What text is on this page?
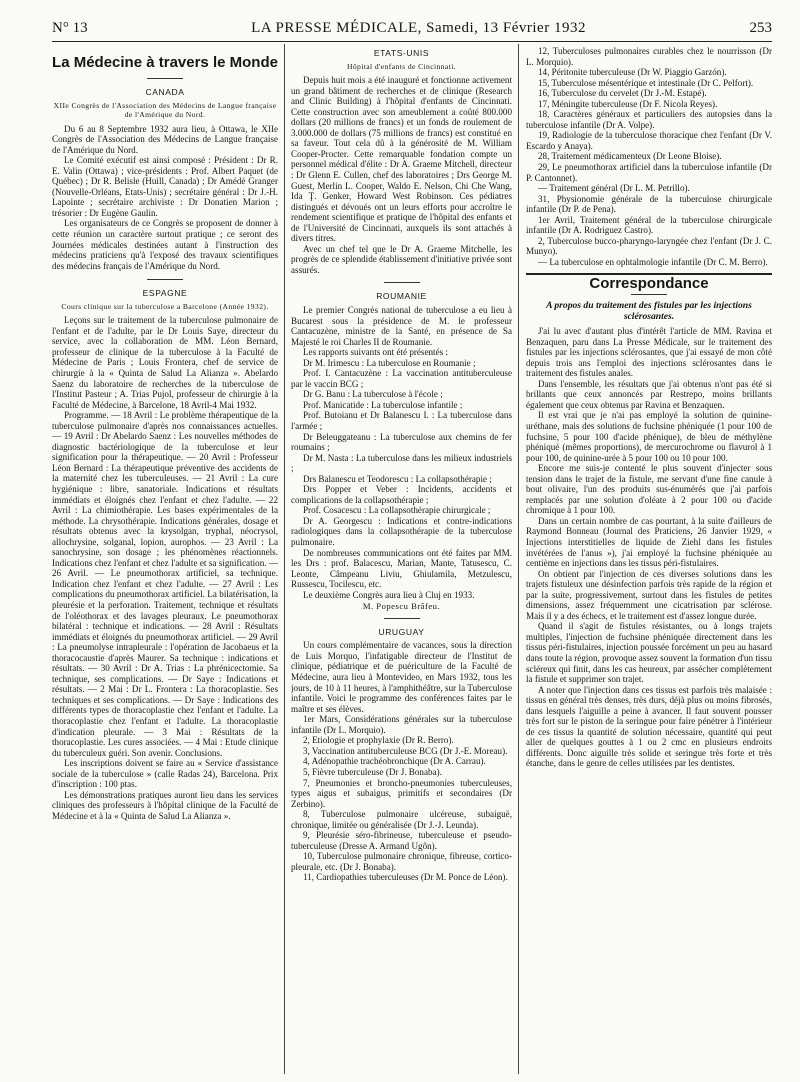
N° 13	LA PRESSE MÉDICALE, Samedi, 13 Février 1932	253
La Médecine à travers le Monde
CANADA
XIIe Congrès de l'Association des Médecins de Langue française de l'Amérique du Nord.

Du 6 au 8 Septembre 1932 aura lieu, à Ottawa, le XIIe Congrès de l'Association des Médecins de Langue française de l'Amérique du Nord.

Le Comité exécutif est ainsi composé : Président : Dr R. E. Valin (Ottawa) ; vice-présidents : Prof. Albert Paquet (de Québec) ; Dr R. Belisle (Huill, Canada) ; Dr Amédé Granger (Nouvelle-Orléans, Etats-Unis) ; secrétaire général : Dr J.-H. Lapointe ; secrétaire archiviste : Dr Donatien Marion ; trésorier : Dr Eugène Gaulin.

Les organisateurs de ce Congrès se proposent de donner à cette réunion un caractère surtout pratique ; ce seront des Journées médicales destinées autant à l'instruction des médecins praticiens qu'à l'exposé des travaux scientifiques des médecins français de l'Amérique du Nord.

ESPAGNE
Cours clinique sur la tuberculose a Barcelone (Année 1932).

Leçons sur le traitement de la tuberculose pulmonaire de l'enfant et de l'adulte, par le Dr Louis Saye, directeur du service, avec la collaboration de MM. Léon Bernard, professeur de clinique de la tuberculose à la Faculté de Médecine de Paris ; Louis Frontera, chef de service de chirurgie à la « Quinta de Salud La Alianza ». Abelardo Saenz du laboratoire de recherches de la tuberculose de l'Institut Pasteur ; A. Trias Pujol, professeur de chirurgie à la Faculté de Médecine, à Barcelone, 18 Avril-4 Mai 1932.

Programme. — 18 Avril : Le problème thérapeutique de la tuberculose pulmonaire d'après nos connaissances actuelles. — 19 Avril : Dr Abelardo Saenz : Les nouvelles méthodes de diagnostic bactériologique de la tuberculose et leur signification pour la thérapeutique. — 20 Avril : Professeur Léon Bernard : La thérapeutique préventive des accidents de la maternité chez les tuberculeuses. — 21 Avril : La cure hygiénique : libre, sanatoriale. Indications et résultats immédiats et éloignés chez l'enfant et chez l'adulte. — 22 Avril : La chimiothérapie. Les bases expérimentales de la méthode. La chrysothérapie. Indications générales, dosage et résultats obtenus avec la krysolgan, tryphal, néocrysol, allochrysine, solganal, lopion, aurophos. — 23 Avril : La sanochrysine, son dosage ; les phénomènes réactionnels. Indications chez l'enfant et chez l'adulte et sa signification. — 26 Avril. — Le pneumothorax artificiel, sa technique. Indication chez l'enfant et chez l'adulte. — 27 Avril : Les complications du pneumothorax artificiel. La bilatérisation, la pleurésie et la perforation. Traitement, technique et résultats de l'oléothorax et des lavages pleuraux. Le pneumothorax bilatéral : technique et indications. — 28 Avril : Résultats immédiats et éloignés du pneumothorax artificiel. — 29 Avril : La pneumolyse intrapleurale : l'opération de Jacobaeus et la thoracocaustie d'après Maurer. Sa technique : indications et résultats. — 30 Avril : Dr A. Trias : La phrénicectomie. Sa technique, ses complications. — Dr Saye : Indications et résultats. — 2 Mai : Dr L. Frontera : La thoracoplastie. Ses techniques et ses complications. — Dr Saye : Indications des différents types de thoracoplastie chez l'enfant et l'adulte. La thoracoplastie chez l'enfant et l'adulte. La thoracoplastie d'indication pleurale. — 3 Mai : Résultats de la thoracoplastie. Les cures associées. — 4 Mai : Etude clinique du tuberculeux guéri. Son avenir. Conclusions.

Les inscriptions doivent se faire au « Service d'assistance sociale de la tuberculose » (calle Radas 24), Barcelona. Prix d'inscription : 100 ptas.

Les démonstrations pratiques auront lieu dans les services cliniques des professeurs à l'hôpital clinique de la Faculté de Médecine et à la « Quinta de Salud La Alianza ».

ETATS-UNIS
Hôpital d'enfants de Cincinnati.

Depuis huit mois a été inauguré et fonctionne activement un grand bâtiment de recherches et de clinique (Research and Clinic Building) à l'hôpital d'enfants de Cincinnati. Cette construction avec son ameublement a coûté 800.000 dollars (20 millions de francs) et un fonds de roulement de 3.000.000 de dollars (75 millions de francs) est constitué en sa faveur. Tout cela dû à la générosité de M. William Cooper-Procter. Cette remarquable fondation compte un personnel médical d'élite : Dr A. Graeme Mitchell, directeur : Dr Glenn E. Cullen, chef des laboratoires ; Drs George M. Guest, Merlin L. Cooper, Waldo E. Nelson, Chi Che Wang, Ida Ţ. Genker, Howard West Robinson. Ces pédiatres distingués et dévoués ont un leurs efforts pour accroître le rendement scientifique et pratique de l'hôpital des enfants et de l'Université de Cincinnati, auxquels ils sont attachés à divers titres.

Avec un chef tel que le Dr A. Graeme Mitchelle, les progrès de ce splendide établissement d'initiative privée sont assurés.

ROUMANIE

Le premier Congrès national de tuberculose a eu lieu à Bucarest sous la présidence de M. le professeur Cantacuzène, ministre de la Santé, en présence de Sa Majesté le roi Charles II de Roumanie.

Les rapports suivants ont été présentés :

Dr M. Irimescu : La tuberculose en Roumanie ;

Prof. I. Cantacuzène : La vaccination antituberculeuse par le vaccin BCG ;

Dr G. Banu : La tuberculose à l'école ;

Prof. Manicatide : La tuberculose infantile ;

Prof. Butoianu et Dr Balanescu I. : La tuberculose dans l'armée ;

Dr Beleuggateanu : La tuberculose aux chemins de fer roumains ;

Dr M. Nasta : La tuberculose dans les milieux industriels ;

Drs Balanescu et Teodorescu : La collapsothérapie ;

Drs Popper et Veber : Incidents, accidents et complications de la collapsothérapie ;

Prof. Cosacescu : La collapsothérapie chirurgicale ;

Dr A. Georgescu : Indications et contre-indications radiologiques dans la collapsothérapie de la tuberculose pulmonaire.

De nombreuses communications ont été faites par MM. les Drs : prof. Balacescu, Marian, Mante, Tatusescu, C. Leonte, Câmpeanu Liviu, Ghiulamila, Metzulescu, Russescu, Tocilescu, etc.

Le deuxième Congrès aura lieu à Cluj en 1933.

M. Popescu Brâfeu.
URUGUAY

Un cours complémentaire de vacances, sous la direction de Luis Morquo, l'infatigable directeur de l'Institut de clinique, pédiatrique et de puériculture de la Faculté de Médecine, aura lieu à Montevideo, en Mars 1932, tous les jours, de 10 à 11 heures, à l'amphithéâtre, sur la Tuberculose infantile. Voici le programme des conférences faites par le maître et ses élèves.

1er Mars, Considérations générales sur la tuberculose infantile (Dr L. Morquio).

2, Etiologie et prophylaxie (Dr R. Berro).

3, Vaccination antituberculeuse BCG (Dr J.-E. Moreau).

4, Adénopathie trachéobronchique (Dr A. Carrau).

5, Fièvre tuberculeuse (Dr J. Bonaba).

7, Pneumonies et broncho-pneumonies tuberculeuses, types aigus et subaigus, primitifs et secondaires (Dr Zerbino).

8, Tuberculose pulmonaire ulcéreuse, subaiguë, chronique, limitée ou généralisée (Dr J.-J. Leunda).

9, Pleurésie séro-fibrineuse, tuberculeuse et pseudo-tuberculeuse (Dresse A. Armand Ugôn).

10, Tuberculose pulmonaire chronique, fibreuse, cortico-pleurale, etc. (Dr J. Bonaba).

11, Cardiopathies tuberculeuses (Dr M. Ponce de Léon).

12, Tuberculoses pulmonaires curables chez le nourrisson (Dr L. Morquio).

14, Péritonite tuberculeuse (Dr W. Piaggio Garzón).

15, Tuberculose mésentérique et intestinale (Dr C. Pelfort).

16, Tuberculose du cervelet (Dr J.-M. Estapé).

17, Méningite tuberculeuse (Dr F. Nicola Reyes).

18, Caractères généraux et particuliers des autopsies dans la tuberculose infantile (Dr A. Volpe).

19, Radiologie de la tuberculose thoracique chez l'enfant (Dr V. Escardo y Anaya).

28, Traitement médicamenteux (Dr Leone Bloise).

29, Le pneumothorax artificiel dans la tuberculose infantile (Dr P. Cantonnet).

— Traitement général (Dr L. M. Petrillo).

31, Physionomie générale de la tuberculose chirurgicale infantile (Dr P. de Pena).

1er Avril, Traitement général de la tuberculose chirurgicale infantile (Dr A. Rodriguez Castro).

2, Tuberculose bucco-pharyngo-laryngée chez l'enfant (Dr J. C. Munyo).

— La tuberculose en ophtalmologie infantile (Dr C. M. Berro).

Correspondance
A propos du traitement des fistules par les injections sclérosantes.

J'ai lu avec d'autant plus d'intérêt l'article de MM. Ravina et Benzaquen, paru dans La Presse Médicale, sur le traitement des fistules par les injections sclérosantes, que j'ai essayé de mon côté depuis trois ans l'emploi des injections sclérosantes dans le traitement des fistules anales.

Dans l'ensemble, les résultats que j'ai obtenus n'ont pas été si brillants que ceux annoncés par Restrepo, moins brillants également que ceux obtenus par Ravina et Benzaquen.

Il est vrai que je n'ai pas employé la solution de quinine-uréthane, mais des solutions de fuchsine phéniquée (1 pour 100 de fuchsine, 5 pour 100 d'acide phénique), de bleu de méthylène phéniqué (mêmes proportions), de mercurochrome ou flavurol à 1 pour 100, de quinine-urée à 5 pour 100 ou 10 pour 100.

Encore me suis-je contenté le plus souvent d'injecter sous tension dans le trajet de la fistule, me servant d'une fine canule à bout olivaire, l'un des produits sus-énumérés que j'ai parfois remplacés par une solution d'oléate à 2 pour 100 ou d'acide chromique à 1 pour 100.

Dans un certain nombre de cas pourtant, à la suite d'ailleurs de Raymond Bonneau (Journal des Praticiens, 26 Janvier 1929, « Injections interstitielles de liquide de Ziehl dans les fistules invétérées de l'anus »), j'ai employé la fuchsine phéniquée au centième en injections dans les tissus péri-fistulaires.

On obtient par l'injection de ces diverses solutions dans les trajets fistuleux une désinfection parfois très rapide de la région et par la suite, progressivement, surtout dans les fistules de petites dimensions, assez fréquemment une cicatrisation par sclérose. Mais il y a des échecs, et le traitement est d'assez longue durée.

Quand il s'agit de fistules résistantes, ou à longs trajets multiples, l'injection de fuchsine phéniquée directement dans les tissus péri-fistulaires, injection poussée forcément un peu au hasard dans toute la région, provoque assez souvent la formation d'un tissu scléreux qui finit, dans les cas heureux, par assécher complètement la fistule et supprimer son trajet.

A noter que l'injection dans ces tissus est parfois très malaisée : tissus en général très denses, très durs, déjà plus ou moins fibrosés, dans lesquels l'aiguille a peine à avancer. Il faut souvent pousser très fort sur le piston de la seringue pour faire pénétrer à l'intérieur de ces tissus la quantité de solution nécessaire, quantité qui peut aller de quelques gouttes à 1 ou 2 cmc en plusieurs endroits différents. Donc aiguille très solide et seringue très forte et très étanche, dans le genre de celles utilisées par les dentistes.
